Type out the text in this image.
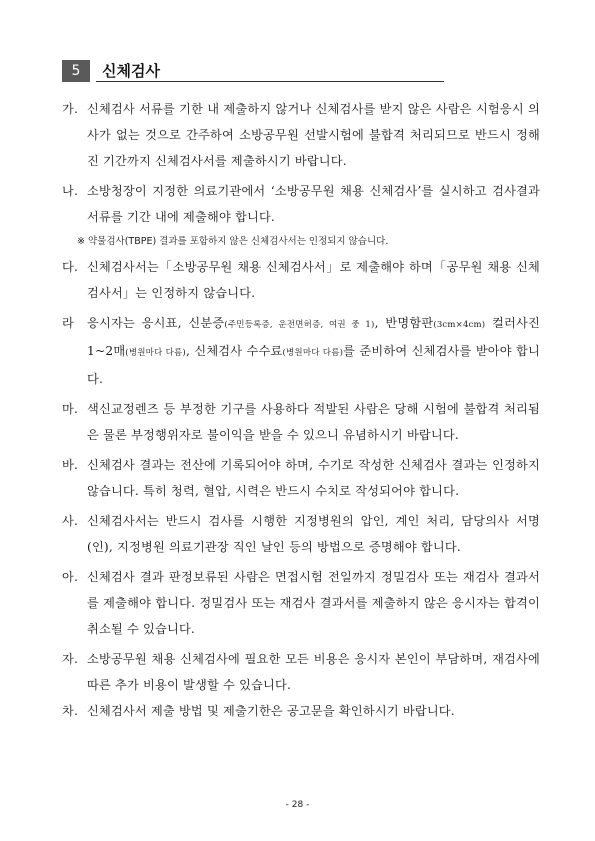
5	신체검사
가. 신체검사 서류를 기한 내 제출하지 않거나 신체검사를 받지 않은 사람은 시험응시 의사가 없는 것으로 간주하여 소방공무원 선발시험에 불합격 처리되므로 반드시 정해진 기간까지 신체검사서를 제출하시기 바랍니다.
나. 소방청장이 지정한 의료기관에서 ‘소방공무원 채용 신체검사’를 실시하고 검사결과 서류를 기간 내에 제출해야 합니다.
※ 약물검사(TBPE) 결과를 포함하지 않은 신체검사서는 인정되지 않습니다.
다. 신체검사서는「소방공무원 채용 신체검사서」로 제출해야 하며「공무원 채용 신체검사서」는 인정하지 않습니다.
라 응시자는 응시표, 신분증(주민등록증, 운전면허증, 여권 중 1), 반명함판(3cm×4cm) 컬러사진 1~2매(병원마다 다름), 신체검사 수수료(병원마다 다름)를 준비하여 신체검사를 받아야 합니다.
마. 색신교정렌즈 등 부정한 기구를 사용하다 적발된 사람은 당해 시험에 불합격 처리됨은 물론 부정행위자로 불이익을 받을 수 있으니 유념하시기 바랍니다.
바. 신체검사 결과는 전산에 기록되어야 하며, 수기로 작성한 신체검사 결과는 인정하지 않습니다. 특히 청력, 혈압, 시력은 반드시 수치로 작성되어야 합니다.
사. 신체검사서는 반드시 검사를 시행한 지정병원의 압인, 계인 처리, 담당의사 서명(인), 지정병원 의료기관장 직인 날인 등의 방법으로 증명해야 합니다.
아. 신체검사 결과 판정보류된 사람은 면접시험 전일까지 정밀검사 또는 재검사 결과서를 제출해야 합니다. 정밀검사 또는 재검사 결과서를 제출하지 않은 응시자는 합격이 취소될 수 있습니다.
자. 소방공무원 채용 신체검사에 필요한 모든 비용은 응시자 본인이 부담하며, 재검사에 따른 추가 비용이 발생할 수 있습니다.
차. 신체검사서 제출 방법 및 제출기한은 공고문을 확인하시기 바랍니다.
- 28 -
